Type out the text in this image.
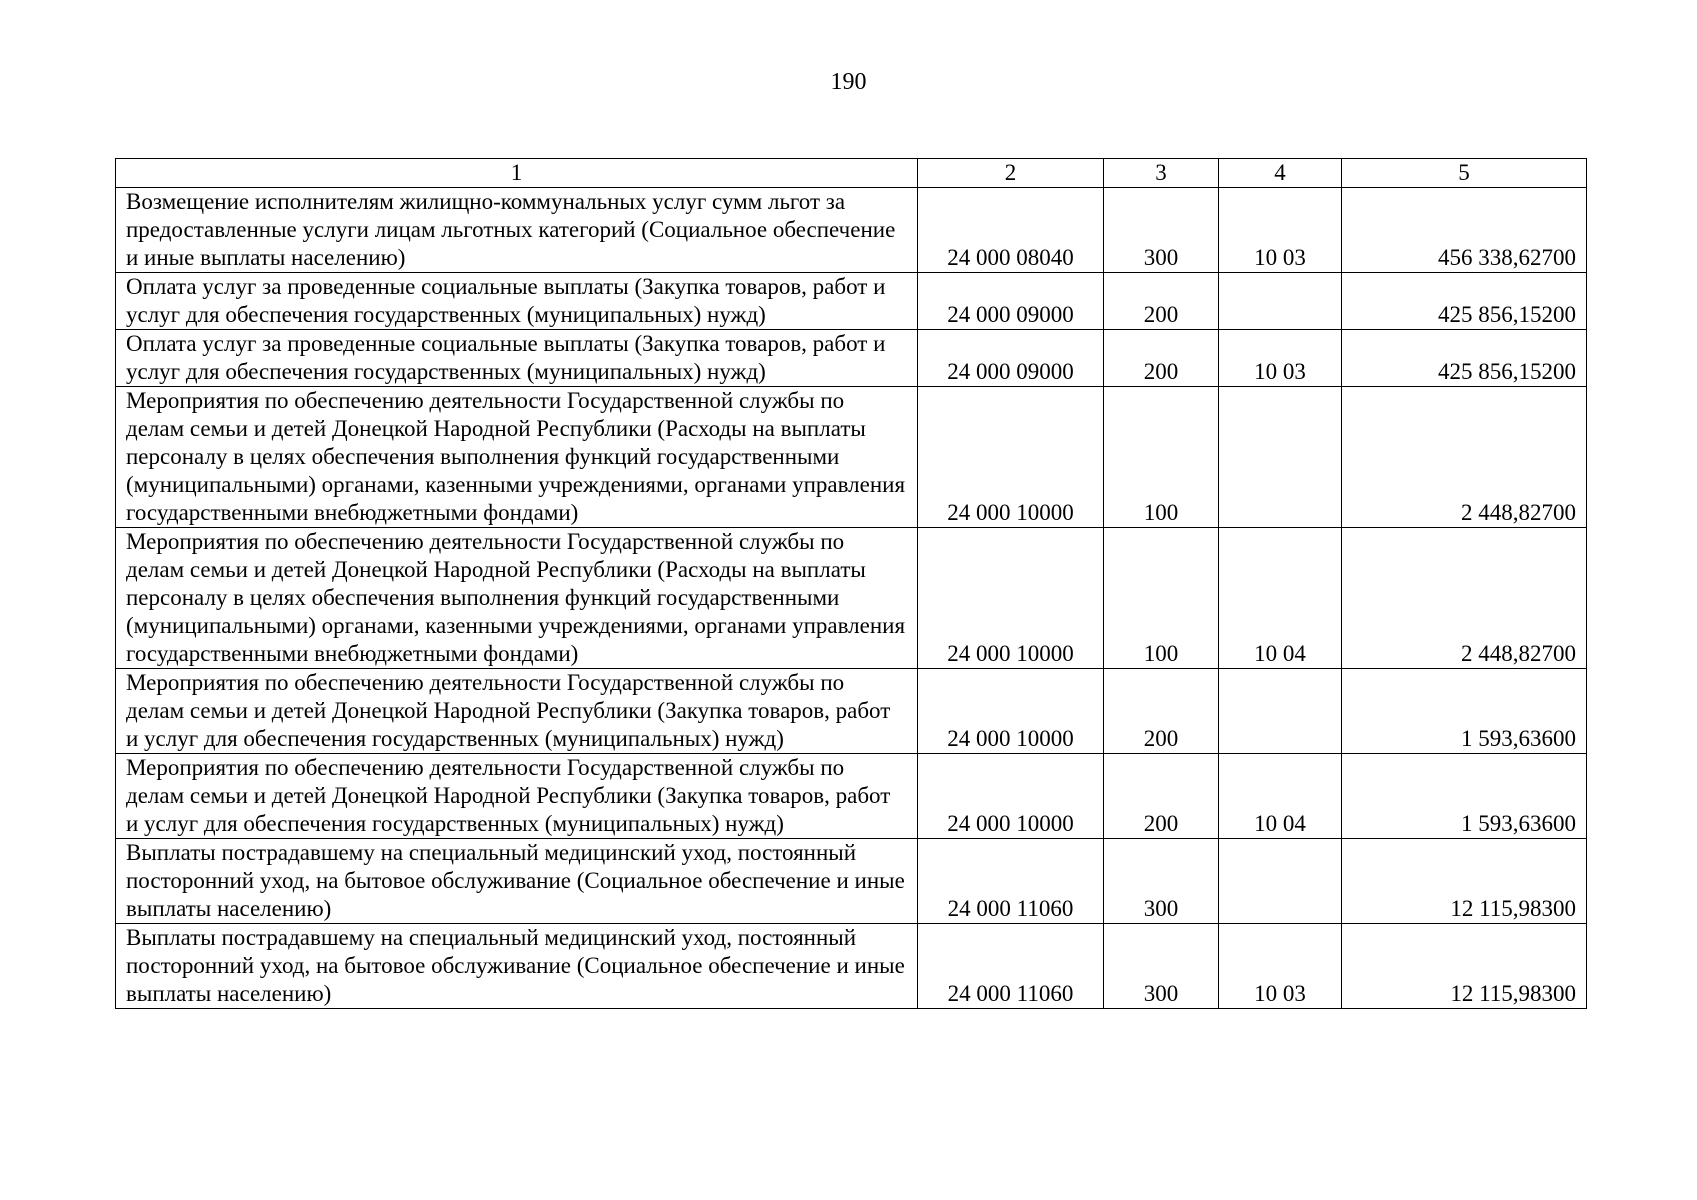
190
1	2	3	4	5
Возмещение исполнителям жилищно-коммунальных услуг сумм льгот за предоставленные услуги лицам льготных категорий (Социальное обеспечение и иные выплаты населению)	24 000 08040	300	10 03	456 338,62700
Оплата услуг за проведенные социальные выплаты (Закупка товаров, работ и услуг для обеспечения государственных (муниципальных) нужд)	24 000 09000	200		425 856,15200
Оплата услуг за проведенные социальные выплаты (Закупка товаров, работ и услуг для обеспечения государственных (муниципальных) нужд)	24 000 09000	200	10 03	425 856,15200
Мероприятия по обеспечению деятельности Государственной службы по делам семьи и детей Донецкой Народной Республики (Расходы на выплаты персоналу в целях обеспечения выполнения функций государственными (муниципальными) органами, казенными учреждениями, органами управления государственными внебюджетными фондами)	24 000 10000	100		2 448,82700
Мероприятия по обеспечению деятельности Государственной службы по делам семьи и детей Донецкой Народной Республики (Расходы на выплаты персоналу в целях обеспечения выполнения функций государственными (муниципальными) органами, казенными учреждениями, органами управления государственными внебюджетными фондами)	24 000 10000	100	10 04	2 448,82700
Мероприятия по обеспечению деятельности Государственной службы по делам семьи и детей Донецкой Народной Республики (Закупка товаров, работ и услуг для обеспечения государственных (муниципальных) нужд)	24 000 10000	200		1 593,63600
Мероприятия по обеспечению деятельности Государственной службы по делам семьи и детей Донецкой Народной Республики (Закупка товаров, работ и услуг для обеспечения государственных (муниципальных) нужд)	24 000 10000	200	10 04	1 593,63600
Выплаты пострадавшему на специальный медицинский уход, постоянный посторонний уход, на бытовое обслуживание (Социальное обеспечение и иные выплаты населению)	24 000 11060	300		12 115,98300
Выплаты пострадавшему на специальный медицинский уход, постоянный посторонний уход, на бытовое обслуживание (Социальное обеспечение и иные выплаты населению)	24 000 11060	300	10 03	12 115,98300
